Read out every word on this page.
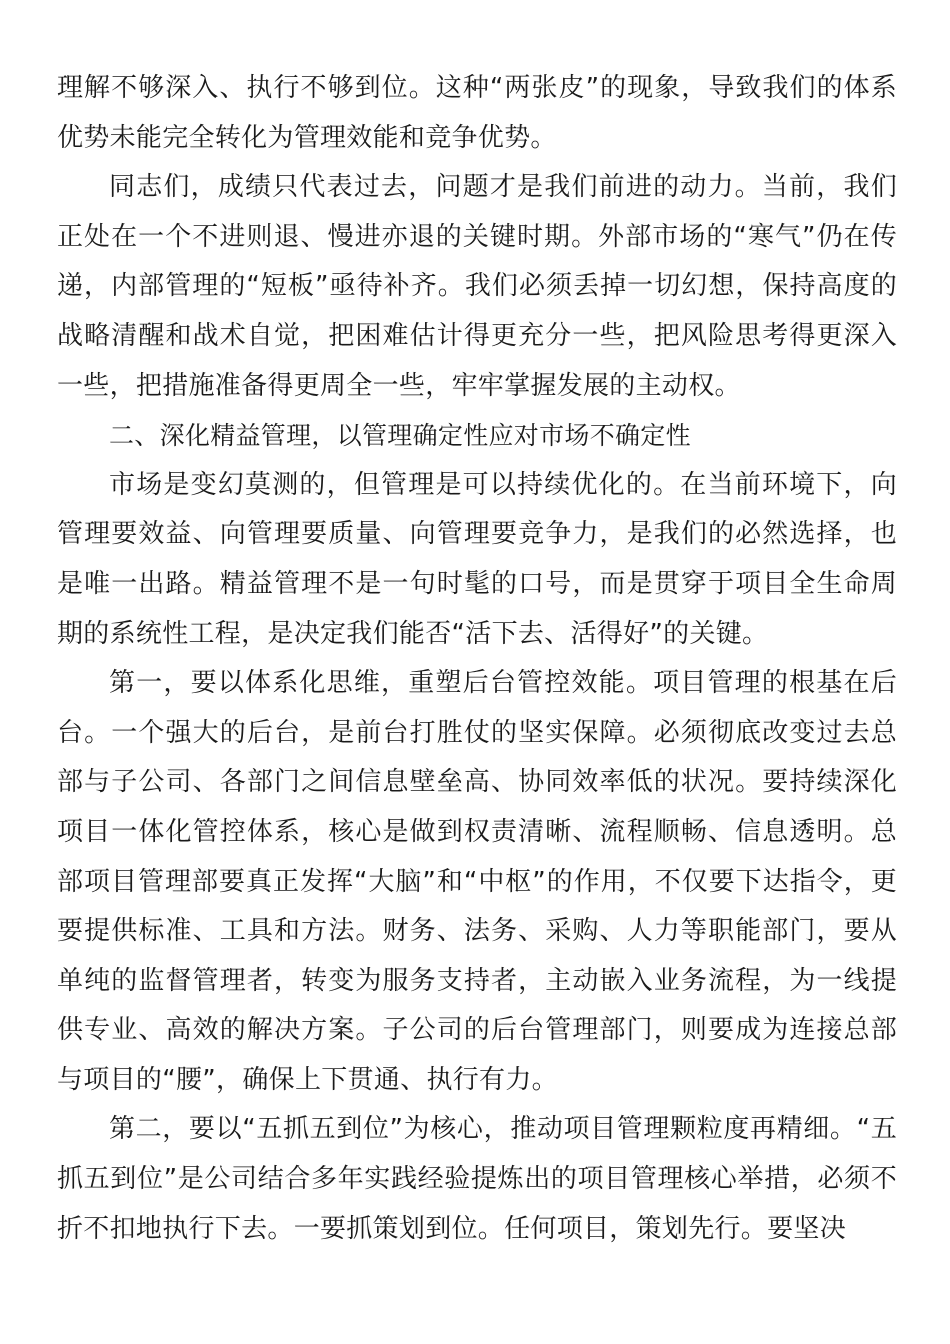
理解不够深入、执行不够到位。这种“两张皮”的现象，导致我们的体系优势未能完全转化为管理效能和竞争优势。

同志们，成绩只代表过去，问题才是我们前进的动力。当前，我们正处在一个不进则退、慢进亦退的关键时期。外部市场的“寒气”仍在传递，内部管理的“短板”亟待补齐。我们必须丢掉一切幻想，保持高度的战略清醒和战术自觉，把困难估计得更充分一些，把风险思考得更深入一些，把措施准备得更周全一些，牢牢掌握发展的主动权。

二、深化精益管理，以管理确定性应对市场不确定性

市场是变幻莫测的，但管理是可以持续优化的。在当前环境下，向管理要效益、向管理要质量、向管理要竞争力，是我们的必然选择，也是唯一出路。精益管理不是一句时髦的口号，而是贯穿于项目全生命周期的系统性工程，是决定我们能否“活下去、活得好”的关键。

第一，要以体系化思维，重塑后台管控效能。项目管理的根基在后台。一个强大的后台，是前台打胜仗的坚实保障。必须彻底改变过去总部与子公司、各部门之间信息壁垒高、协同效率低的状况。要持续深化项目一体化管控体系，核心是做到权责清晰、流程顺畅、信息透明。总部项目管理部要真正发挥“大脑”和“中枢”的作用，不仅要下达指令，更要提供标准、工具和方法。财务、法务、采购、人力等职能部门，要从单纯的监督管理者，转变为服务支持者，主动嵌入业务流程，为一线提供专业、高效的解决方案。子公司的后台管理部门，则要成为连接总部与项目的“腰”，确保上下贯通、执行有力。

第二，要以“五抓五到位”为核心，推动项目管理颗粒度再精细。“五抓五到位”是公司结合多年实践经验提炼出的项目管理核心举措，必须不折不扣地执行下去。一要抓策划到位。任何项目，策划先行。要坚决
